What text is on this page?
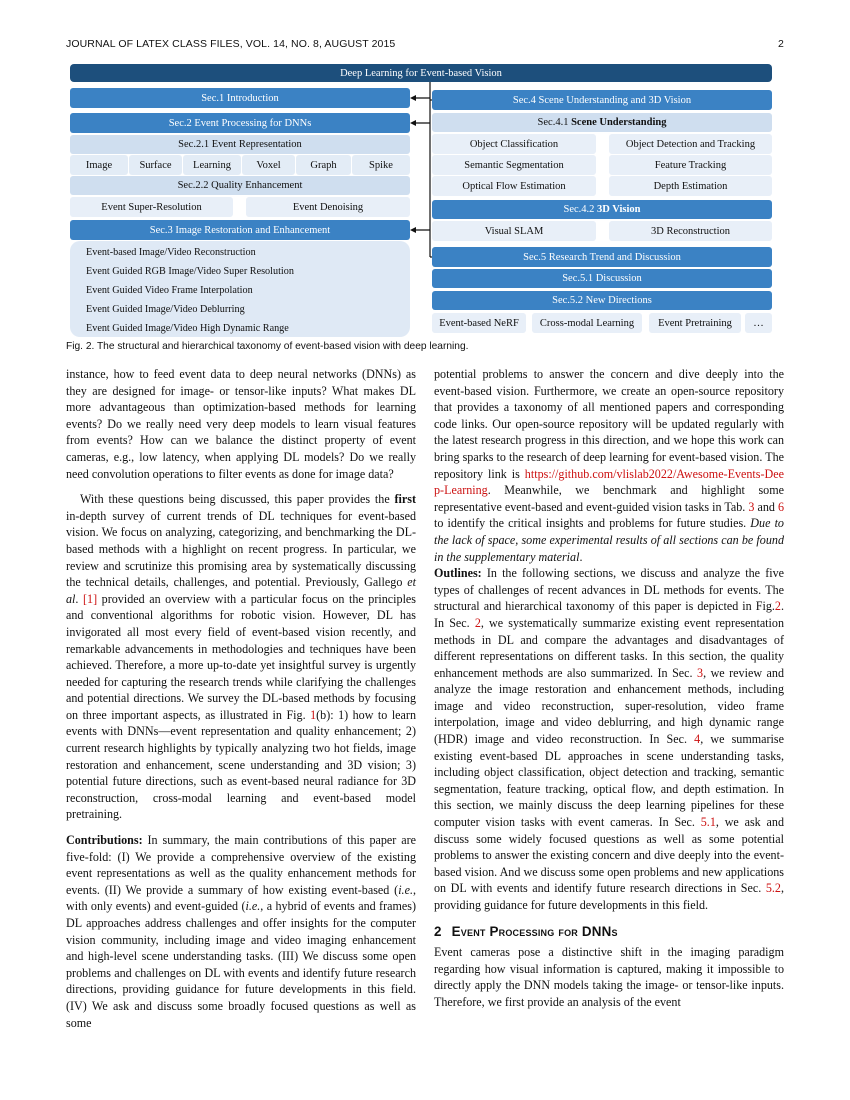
JOURNAL OF LATEX CLASS FILES, VOL. 14, NO. 8, AUGUST 2015	2
Deep Learning for Event-based Vision
Sec.1 Introduction
Sec.2 Event Processing for DNNs
Sec.2.1 Event Representation
Image	Surface	Learning	Voxel	Graph	Spike
Sec.2.2 Quality Enhancement
Event Super-Resolution	Event Denoising
Sec.3 Image Restoration and Enhancement
Event-based Image/Video Reconstruction
Event Guided RGB Image/Video Super Resolution
Event Guided Video Frame Interpolation
Event Guided Image/Video Deblurring
Event Guided Image/Video High Dynamic Range
Sec.4 Scene Understanding and 3D Vision
Sec.4.1 Scene Understanding
Object Classification	Object Detection and Tracking
Semantic Segmentation	Feature Tracking
Optical Flow Estimation	Depth Estimation
Sec.4.2 3D Vision
Visual SLAM	3D Reconstruction
Sec.5 Research Trend and Discussion
Sec.5.1 Discussion
Sec.5.2 New Directions
Event-based NeRF	Cross-modal Learning	Event Pretraining	…
Fig. 2. The structural and hierarchical taxonomy of event-based vision with deep learning.

instance, how to feed event data to deep neural networks (DNNs) as they are designed for image- or tensor-like inputs? What makes DL more advantageous than optimization-based methods for learning events? Do we really need very deep models to learn visual features from events? How can we balance the distinct property of event cameras, e.g., low latency, when applying DL models? Do we really need convolution operations to filter events as done for image data?

With these questions being discussed, this paper provides the first in-depth survey of current trends of DL techniques for event-based vision. We focus on analyzing, categorizing, and benchmarking the DL-based methods with a highlight on recent progress. In particular, we review and scrutinize this promising area by systematically discussing the technical details, challenges, and potential. Previously, Gallego et al. [1] provided an overview with a particular focus on the principles and conventional algorithms for robotic vision. However, DL has invigorated all most every field of event-based vision recently, and remarkable advancements in methodologies and techniques have been achieved. Therefore, a more up-to-date yet insightful survey is urgently needed for capturing the research trends while clarifying the challenges and potential directions. We survey the DL-based methods by focusing on three important aspects, as illustrated in Fig. 1(b): 1) how to learn events with DNNs—event representation and quality enhancement; 2) current research highlights by typically analyzing two hot fields, image restoration and enhancement, scene understanding and 3D vision; 3) potential future directions, such as event-based neural radiance for 3D reconstruction, cross-modal learning and event-based model pretraining.

Contributions: In summary, the main contributions of this paper are five-fold: (I) We provide a comprehensive overview of the existing event representations as well as the quality enhancement methods for events. (II) We provide a summary of how existing event-based (i.e., with only events) and event-guided (i.e., a hybrid of events and frames) DL approaches address challenges and offer insights for the computer vision community, including image and video imaging enhancement and high-level scene understanding tasks. (III) We discuss some open problems and challenges on DL with events and identify future research directions, providing guidance for future developments in this field. (IV) We ask and discuss some broadly focused questions as well as some

potential problems to answer the concern and dive deeply into the event-based vision. Furthermore, we create an open-source repository that provides a taxonomy of all mentioned papers and corresponding code links. Our open-source repository will be updated regularly with the latest research progress in this direction, and we hope this work can bring sparks to the research of deep learning for event-based vision. The repository link is https://github.com/vlislab2022/Awesome-Events-Deep-Learning. Meanwhile, we benchmark and highlight some representative event-based and event-guided vision tasks in Tab. 3 and 6 to identify the critical insights and problems for future studies. Due to the lack of space, some experimental results of all sections can be found in the supplementary material.

Outlines: In the following sections, we discuss and analyze the five types of challenges of recent advances in DL methods for events. The structural and hierarchical taxonomy of this paper is depicted in Fig.2. In Sec. 2, we systematically summarize existing event representation methods in DL and compare the advantages and disadvantages of different representations on different tasks. In this section, the quality enhancement methods are also summarized. In Sec. 3, we review and analyze the image restoration and enhancement methods, including image and video reconstruction, super-resolution, video frame interpolation, image and video deblurring, and high dynamic range (HDR) image and video reconstruction. In Sec. 4, we summarise existing event-based DL approaches in scene understanding tasks, including object classification, object detection and tracking, semantic segmentation, feature tracking, optical flow, and depth estimation. In this section, we mainly discuss the deep learning pipelines for these computer vision tasks with event cameras. In Sec. 5.1, we ask and discuss some widely focused questions as well as some potential problems to answer the existing concern and dive deeply into the event-based vision. And we discuss some open problems and new applications on DL with events and identify future research directions in Sec. 5.2, providing guidance for future developments in this field.

2 Event Processing for DNNs

Event cameras pose a distinctive shift in the imaging paradigm regarding how visual information is captured, making it impossible to directly apply the DNN models taking the image- or tensor-like inputs. Therefore, we first provide an analysis of the event
